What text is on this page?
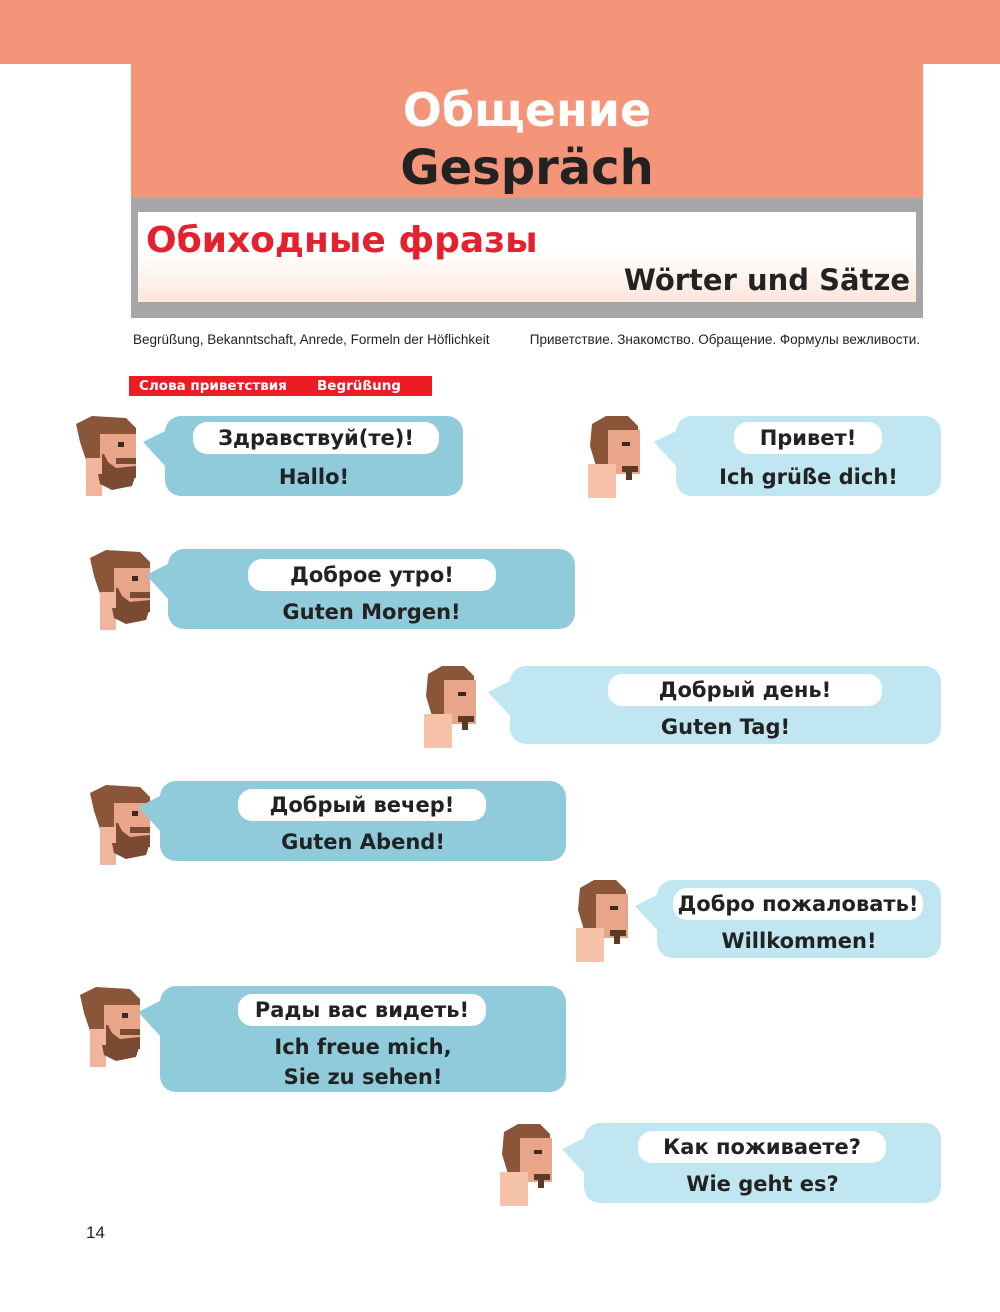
Общение
Gespräch
Обиходные фразы
Wörter und Sätze
Begrüßung, Bekanntschaft, Anrede, Formeln der Höflichkeit	Приветствие. Знакомство. Обращение. Формулы вежливости.
Слова приветствия Begrüßung
Здравствуй(те)!
Hallo!
Привет!
Ich grüße dich!
Доброе утро!
Guten Morgen!
Добрый день!
Guten Tag!
Добрый вечер!
Guten Abend!
Добро пожаловать!
Willkommen!
Рады вас видеть!
Ich freue mich,
Sie zu sehen!
Как поживаете?
Wie geht es?
14
